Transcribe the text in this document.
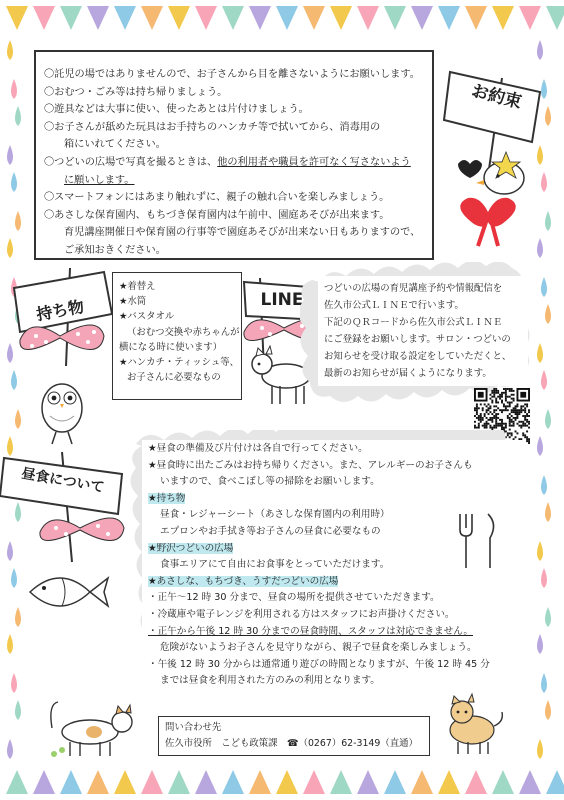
〇託児の場ではありませんので、お子さんから目を離さないようにお願いします。

〇おむつ・ごみ等は持ち帰りましょう。

〇遊具などは大事に使い、使ったあとは片付けましょう。

〇お子さんが舐めた玩具はお手持ちのハンカチ等で拭いてから、消毒用の

箱にいれてください。

〇つどいの広場で写真を撮るときは、他の利用者や職員を許可なく写さないよう

に願いします。

〇スマートフォンにはあまり触れずに、親子の触れ合いを楽しみましょう。

〇あさしな保育園内、もちづき保育園内は午前中、園庭あそびが出来ます。

育児講座開催日や保育園の行事等で園庭あそびが出来ない日もありますので、

ご承知おきください。

お約束
持ち物

★着替え

★水筒

★バスタオル

（おむつ交換や赤ちゃんが

横になる時に使います）

★ハンカチ・ティッシュ等、

お子さんに必要なもの

LINE

つどいの広場の育児講座予約や情報配信を

佐久市公式ＬＩＮＥで行います。

下記のＱＲコードから佐久市公式ＬＩＮＥ

にご登録をお願いします。サロン・つどいの

お知らせを受け取る設定をしていただくと、

最新のお知らせが届くようになります。

昼食について

★昼食の準備及び片付けは各自で行ってください。

★昼食時に出たごみはお持ち帰りください。また、アレルギーのお子さんも

いますので、食べこぼし等の掃除をお願いします。

★持ち物

昼食・レジャーシート（あさしな保育園内の利用時）

エプロンやお手拭き等お子さんの昼食に必要なもの

★野沢つどいの広場

食事エリアにて自由にお食事をとっていただけます。

★あさしな、もちづき、うすだつどいの広場

・正午～12 時 30 分まで、昼食の場所を提供させていただきます。

・冷蔵庫や電子レンジを利用される方はスタッフにお声掛けください。

・正午から午後 12 時 30 分までの昼食時間、スタッフは対応できません。

危険がないようお子さんを見守りながら、親子で昼食を楽しみましょう。

・午後 12 時 30 分からは通常通り遊びの時間となりますが、午後 12 時 45 分

までは昼食を利用された方のみの利用となります。

問い合わせ先

佐久市役所　こども政策課　 ☎（0267）62-3149（直通）
